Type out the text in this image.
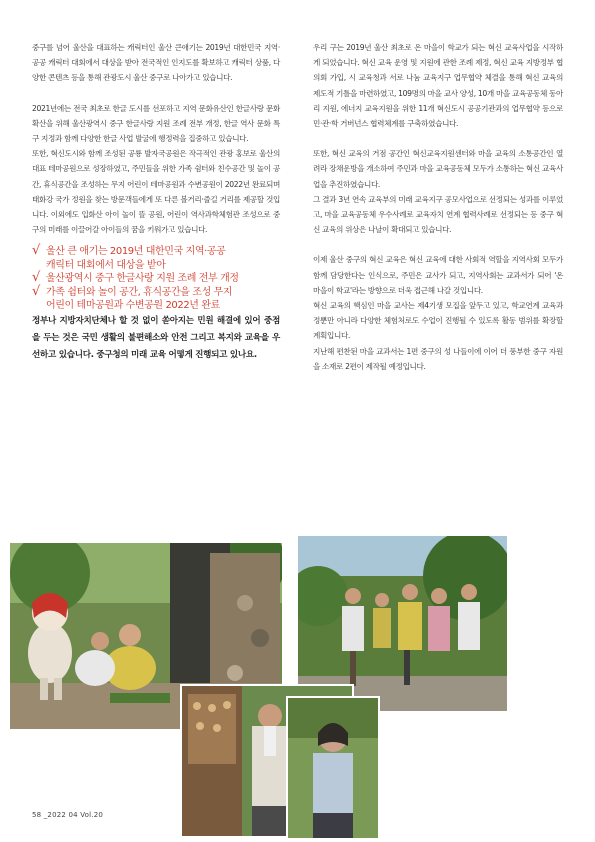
중구를 넘어 울산을 대표하는 캐릭터인 울산 큰애기는 2019년 대한민국 지역·공공 캐릭터 대회에서 대상을 받아 전국적인 인지도를 확보하고 캐릭터 상품, 다양한 콘텐츠 등을 통해 관광도시 울산 중구로 나아가고 있습니다.

2021년에는 전국 최초로 한글 도시를 선포하고 지역 문화유산인 한글사랑 문화 확산을 위해 울산광역시 중구 한글사랑 지원 조례 전부 개정, 한글 역사 문화 특구 지정과 함께 다양한 한글 사업 발굴에 행정력을 집중하고 있습니다.

또한, 혁신도시와 함께 조성된 공룡 발자국공원은 작극적인 관광 홍보로 울산의 대표 테마공원으로 성장하였고, 주민들을 위한 가족 쉼터와 친수공간 및 놀이 공간, 휴식공간을 조성하는 무지 어린이 테마공원과 수변공원이 2022년 완료되며 태화강 국가 정원을 찾는 방문객들에게 또 다른 볼거리·즐길 거리를 제공할 것입니다. 이외에도 입화산 아이 놀이 뜰 공원, 어린이 역사과학체험관 조성으로 중구의 미래를 이끌어갈 아이들의 꿈을 키워가고 있습니다.

√ 울산 큰 애기는 2019년 대한민국 지역·공공
캐릭터 대회에서 대상을 받아
√ 울산광역시 중구 한글사랑 지원 조례 전부 개정
√ 가족 쉼터와 놀이 공간, 휴식공간을 조성 무지
어린이 테마공원과 수변공원 2022년 완료

정부나 지방자치단체나 할 것 없이 쏟아지는 민원 해결에 있어 중점을 두는 것은 국민 생활의 불편해소와 안전 그리고 복지와 교육을 우선하고 있습니다. 중구청의 미래 교육 어떻게 진행되고 있나요.

우리 구는 2019년 울산 최초로 온 마을이 학교가 되는 혁신 교육사업을 시작하게 되었습니다. 혁신 교육 운영 및 지원에 관한 조례 제정, 혁신 교육 지방정부 협의회 가입, 시 교육청과 서로 나눔 교육지구 업무협약 체결을 통해 혁신 교육의 제도적 기틀을 마련하였고, 109명의 마을 교사 양성, 10개 마을 교육공동체 동아리 지원, 에너지 교육지원을 위한 11개 혁신도시 공공기관과의 업무협약 등으로 민·관·학 거버넌스 협력체계를 구축하였습니다.

또한, 혁신 교육의 거점 공간인 혁신교육지원센터와 마을 교육의 소통공간인 열려라 장채운방을 개소하여 주민과 마을 교육공동체 모두가 소통하는 혁신 교육사업을 추진하였습니다.

그 결과 3년 연속 교육부의 미래 교육지구 공모사업으로 선정되는 성과를 이루었고, 마을 교육공동체 우수사례로 교육자치 연계 협력사례로 선정되는 등 중구 혁신 교육의 위상은 나날이 확대되고 있습니다.

이제 울산 중구의 혁신 교육은 혁신 교육에 대한 사회적 역할을 지역사회 모두가 함께 담당한다는 인식으로, 주민은 교사가 되고, 지역사회는 교과서가 되어 '온 마을이 학교'라는 방향으로 더욱 접근해 나갈 것입니다.

혁신 교육의 핵심인 마을 교사는 제4기생 모집을 앞두고 있고, 학교연계 교육과정뿐만 아니라 다양한 체험처로도 수업이 진행될 수 있도록 활동 범위를 확장할 계획입니다.

지난해 편찬된 마을 교과서는 1편 중구의 성 나들이에 이어 더 풍부한 중구 자원을 소재로 2편이 제작될 예정입니다.

58 _2022 04 Vol.20
